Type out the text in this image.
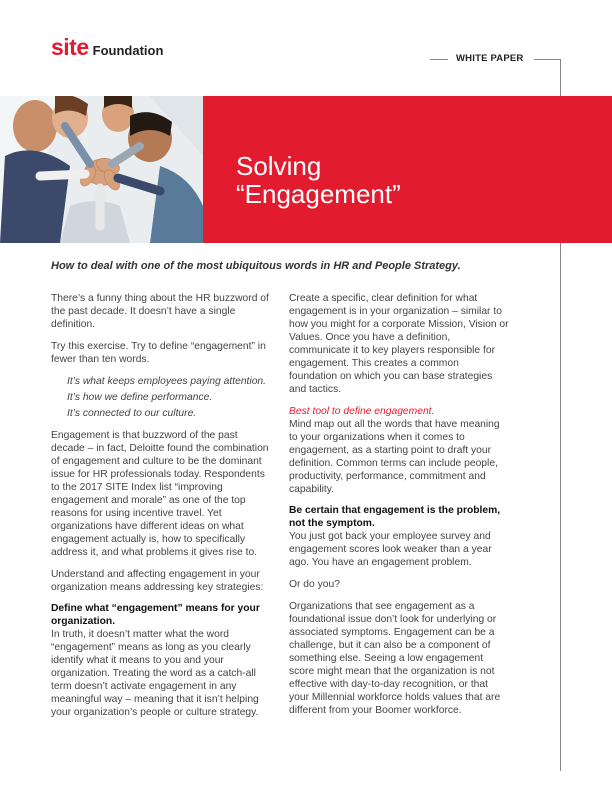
site Foundation
WHITE PAPER
Solving
“Engagement”
How to deal with one of the most ubiquitous words in HR and People Strategy.

There’s a funny thing about the HR buzzword of the past decade. It doesn’t have a single definition.

Try this exercise. Try to define “engagement” in fewer than ten words.

It’s what keeps employees paying attention.

It’s how we define performance.

It’s connected to our culture.

Engagement is that buzzword of the past decade – in fact, Deloitte found the combination of engagement and culture to be the dominant issue for HR professionals today. Respondents to the 2017 SITE Index list “improving engagement and morale” as one of the top reasons for using incentive travel. Yet organizations have different ideas on what engagement actually is, how to specifically address it, and what problems it gives rise to.

Understand and affecting engagement in your organization means addressing key strategies:

Define what “engagement” means for your organization.

In truth, it doesn’t matter what the word “engagement” means as long as you clearly identify what it means to you and your organization. Treating the word as a catch-all term doesn’t activate engagement in any meaningful way – meaning that it isn’t helping your organization’s people or culture strategy.

Create a specific, clear definition for what engagement is in your organization – similar to how you might for a corporate Mission, Vision or Values. Once you have a definition, communicate it to key players responsible for engagement. This creates a common foundation on which you can base strategies and tactics.

Best tool to define engagement.

Mind map out all the words that have meaning to your organizations when it comes to engagement, as a starting point to draft your definition. Common terms can include people, productivity, performance, commitment and capability.

Be certain that engagement is the problem, not the symptom.

You just got back your employee survey and engagement scores look weaker than a year ago. You have an engagement problem.

Or do you?

Organizations that see engagement as a foundational issue don’t look for underlying or associated symptoms. Engagement can be a challenge, but it can also be a component of something else. Seeing a low engagement score might mean that the organization is not effective with day-to-day recognition, or that your Millennial workforce holds values that are different from your Boomer workforce.
